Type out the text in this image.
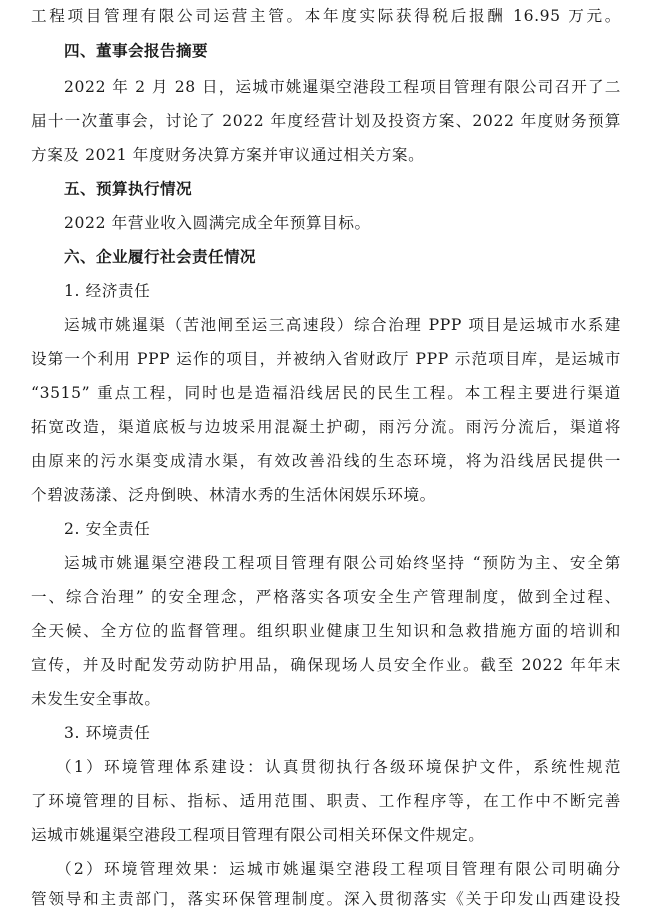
工程项目管理有限公司运营主管。本年度实际获得税后报酬 16.95 万元。
四、董事会报告摘要
2022 年 2 月 28 日，运城市姚暹渠空港段工程项目管理有限公司召开了二
届十一次董事会，讨论了 2022 年度经营计划及投资方案、2022 年度财务预算
方案及 2021 年度财务决算方案并审议通过相关方案。
五、预算执行情况
2022 年营业收入圆满完成全年预算目标。
六、企业履行社会责任情况
1. 经济责任
运城市姚暹渠（苦池闸至运三高速段）综合治理 PPP 项目是运城市水系建
设第一个利用 PPP 运作的项目，并被纳入省财政厅 PPP 示范项目库，是运城市
“3515” 重点工程，同时也是造福沿线居民的民生工程。本工程主要进行渠道
拓宽改造，渠道底板与边坡采用混凝土护砌，雨污分流。雨污分流后，渠道将
由原来的污水渠变成清水渠，有效改善沿线的生态环境，将为沿线居民提供一
个碧波荡漾、泛舟倒映、林清水秀的生活休闲娱乐环境。
2. 安全责任
运城市姚暹渠空港段工程项目管理有限公司始终坚持 “预防为主、安全第
一、综合治理” 的安全理念，严格落实各项安全生产管理制度，做到全过程、
全天候、全方位的监督管理。组织职业健康卫生知识和急救措施方面的培训和
宣传，并及时配发劳动防护用品，确保现场人员安全作业。截至 2022 年年末
未发生安全事故。
3. 环境责任
（1）环境管理体系建设：认真贯彻执行各级环境保护文件，系统性规范
了环境管理的目标、指标、适用范围、职责、工作程序等，在工作中不断完善
运城市姚暹渠空港段工程项目管理有限公司相关环保文件规定。
（2）环境管理效果：运城市姚暹渠空港段工程项目管理有限公司明确分
管领导和主责部门，落实环保管理制度。深入贯彻落实《关于印发山西建设投
